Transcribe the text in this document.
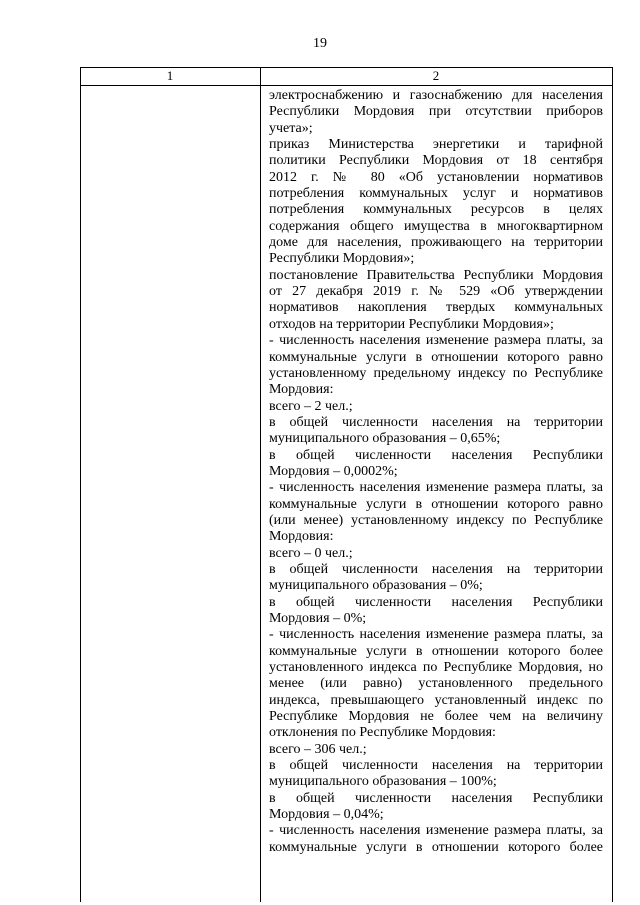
19
1	2
электроснабжению и газоснабжению для населения
Республики Мордовия при отсутствии приборов
учета»;
приказ Министерства энергетики и тарифной
политики Республики Мордовия от 18 сентября
2012 г. № 80 «Об установлении нормативов
потребления коммунальных услуг и нормативов
потребления коммунальных ресурсов в целях
содержания общего имущества в многоквартирном
доме для населения, проживающего на территории
Республики Мордовия»;
постановление Правительства Республики Мордовия
от 27 декабря 2019 г. № 529 «Об утверждении
нормативов накопления твердых коммунальных
отходов на территории Республики Мордовия»;
- численность населения изменение размера платы, за
коммунальные услуги в отношении которого равно
установленному предельному индексу по Республике
Мордовия:
всего – 2 чел.;
в общей численности населения на территории
муниципального образования – 0,65%;
в общей численности населения Республики
Мордовия – 0,0002%;
- численность населения изменение размера платы, за
коммунальные услуги в отношении которого равно
(или менее) установленному индексу по Республике
Мордовия:
всего – 0 чел.;
в общей численности населения на территории
муниципального образования – 0%;
в общей численности населения Республики
Мордовия – 0%;
- численность населения изменение размера платы, за
коммунальные услуги в отношении которого более
установленного индекса по Республике Мордовия, но
менее (или равно) установленного предельного
индекса, превышающего установленный индекс по
Республике Мордовия не более чем на величину
отклонения по Республике Мордовия:
всего – 306 чел.;
в общей численности населения на территории
муниципального образования – 100%;
в общей численности населения Республики
Мордовия – 0,04%;
- численность населения изменение размера платы, за
коммунальные услуги в отношении которого более
